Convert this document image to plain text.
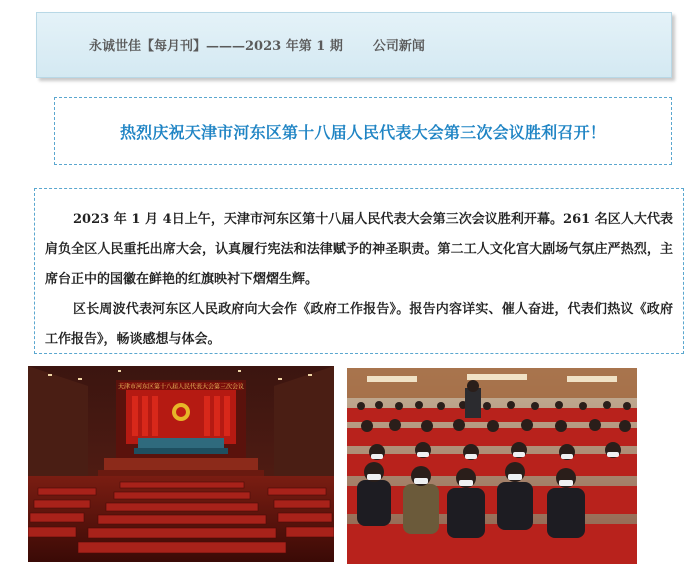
永诚世佳【每月刊】———2023 年第 1 期 公司新闻
热烈庆祝天津市河东区第十八届人民代表大会第三次会议胜利召开！

2023 年 1 月 4日上午，天津市河东区第十八届人民代表大会第三次会议胜利开幕。261 名区人大代表肩负全区人民重托出席大会，认真履行宪法和法律赋予的神圣职责。第二工人文化宫大剧场气氛庄严热烈，主席台正中的国徽在鲜艳的红旗映衬下熠熠生辉。

区长周波代表河东区人民政府向大会作《政府工作报告》。报告内容详实、催人奋进，代表们热议《政府工作报告》，畅谈感想与体会。

天津市河东区第十八届人民代表大会第三次会议
